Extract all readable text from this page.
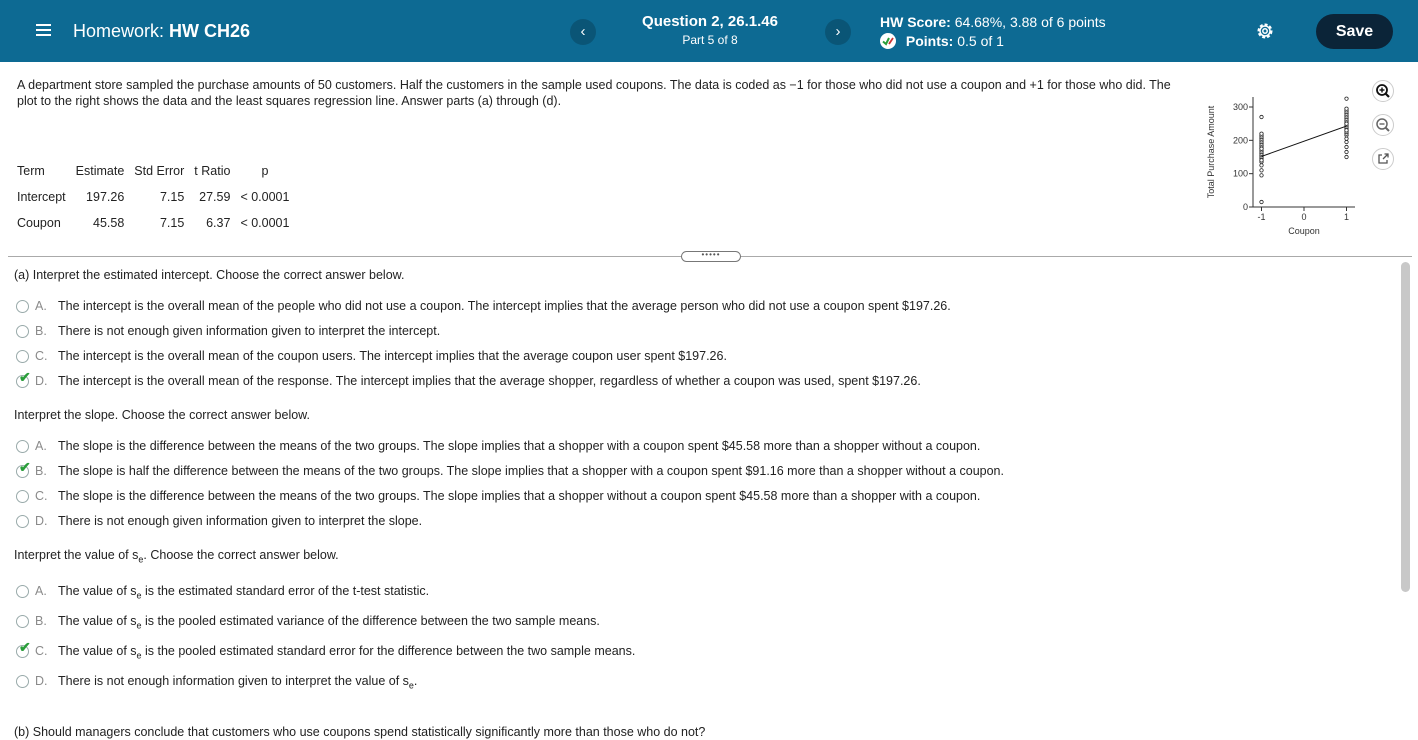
Homework: HW CH26	‹
Question 2, 26.1.46
Part 5 of 8	›
HW Score: 64.68%, 3.88 of 6 points
Points: 0.5 of 1
Save
A department store sampled the purchase amounts of 50 customers. Half the customers in the sample used coupons. The data is coded as −1 for those who did not use a coupon and +1 for those who did. The plot to the right shows the data and the least squares regression line. Answer parts (a) through (d).
Term	Estimate	Std Error	t Ratio	p
Intercept	197.26	7.15	27.59	< 0.0001
Coupon	45.58	7.15	6.37	< 0.0001
0
100
200
300
-1	0	1
Coupon
Total Purchase Amount
•••••
(a) Interpret the estimated intercept. Choose the correct answer below.
A. The intercept is the overall mean of the people who did not use a coupon. The intercept implies that the average person who did not use a coupon spent $197.26.
B. There is not enough given information given to interpret the intercept.
C. The intercept is the overall mean of the coupon users. The intercept implies that the average coupon user spent $197.26.
✔ D. The intercept is the overall mean of the response. The intercept implies that the average shopper, regardless of whether a coupon was used, spent $197.26.
Interpret the slope. Choose the correct answer below.
A. The slope is the difference between the means of the two groups. The slope implies that a shopper with a coupon spent $45.58 more than a shopper without a coupon.
✔ B. The slope is half the difference between the means of the two groups. The slope implies that a shopper with a coupon spent $91.16 more than a shopper without a coupon.
C. The slope is the difference between the means of the two groups. The slope implies that a shopper without a coupon spent $45.58 more than a shopper with a coupon.
D. There is not enough given information given to interpret the slope.
Interpret the value of $s_e$. Choose the correct answer below.
A. The value of $s_e$ is the estimated standard error of the t-test statistic.
B. The value of $s_e$ is the pooled estimated variance of the difference between the two sample means.
✔ C. The value of $s_e$ is the pooled estimated standard error for the difference between the two sample means.
D. There is not enough information given to interpret the value of $s_e$.
(b) Should managers conclude that customers who use coupons spend statistically significantly more than those who do not?
